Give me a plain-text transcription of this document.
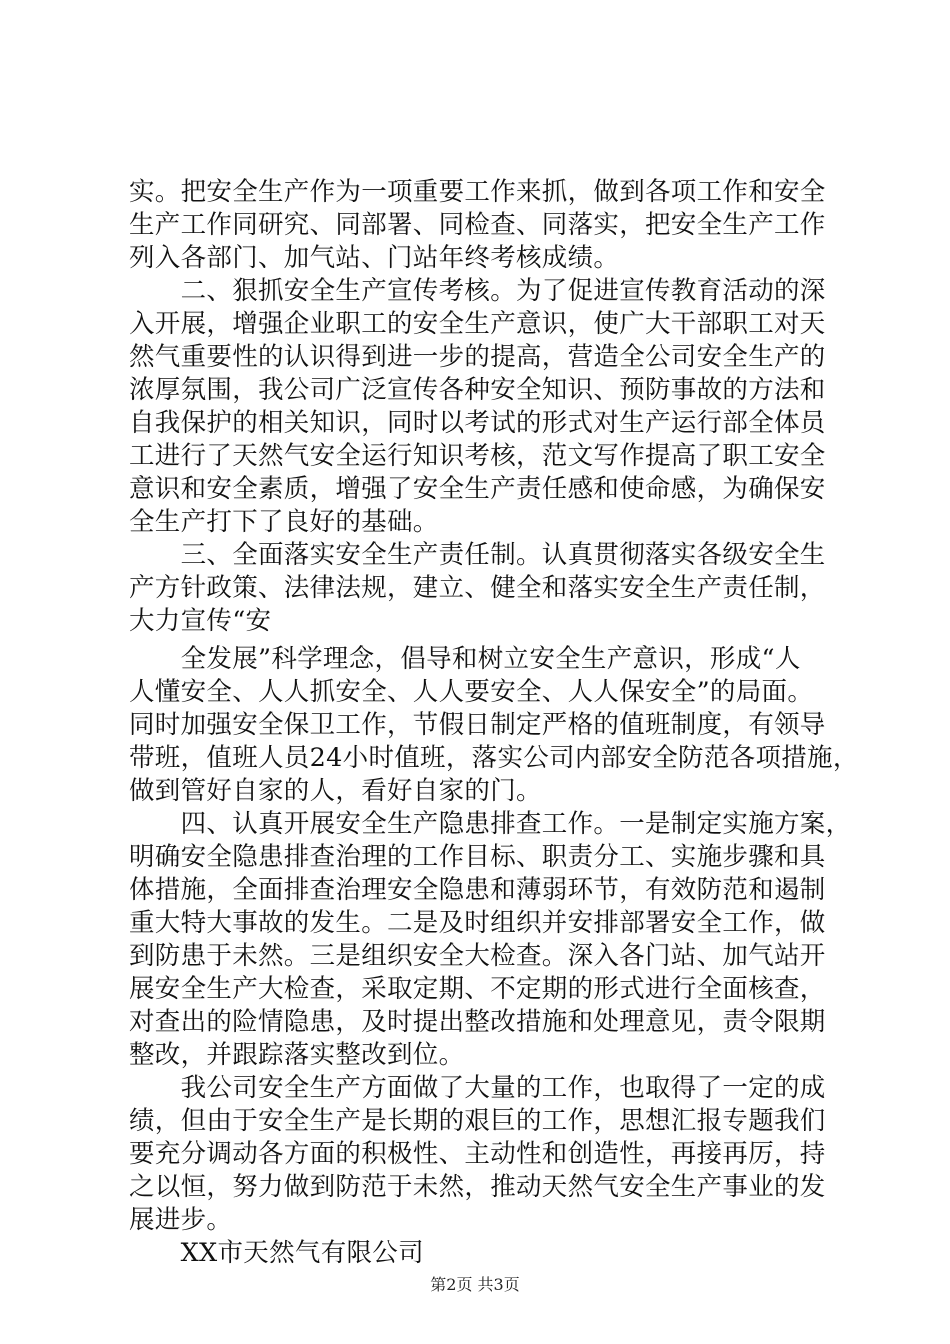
实。把安全生产作为一项重要工作来抓，做到各项工作和安全
生产工作同研究、同部署、同检查、同落实，把安全生产工作
列入各部门、加气站、门站年终考核成绩。
　　二、狠抓安全生产宣传考核。为了促进宣传教育活动的深
入开展，增强企业职工的安全生产意识，使广大干部职工对天
然气重要性的认识得到进一步的提高，营造全公司安全生产的
浓厚氛围，我公司广泛宣传各种安全知识、预防事故的方法和
自我保护的相关知识，同时以考试的形式对生产运行部全体员
工进行了天然气安全运行知识考核，范文写作提高了职工安全
意识和安全素质，增强了安全生产责任感和使命感，为确保安
全生产打下了良好的基础。
　　三、全面落实安全生产责任制。认真贯彻落实各级安全生
产方针政策、法律法规，建立、健全和落实安全生产责任制，
大力宣传“安
　　全发展”科学理念，倡导和树立安全生产意识，形成“人
人懂安全、人人抓安全、人人要安全、人人保安全”的局面。
同时加强安全保卫工作，节假日制定严格的值班制度，有领导
带班，值班人员24小时值班，落实公司内部安全防范各项措施，
做到管好自家的人，看好自家的门。
　　四、认真开展安全生产隐患排查工作。一是制定实施方案，
明确安全隐患排查治理的工作目标、职责分工、实施步骤和具
体措施，全面排查治理安全隐患和薄弱环节，有效防范和遏制
重大特大事故的发生。二是及时组织并安排部署安全工作，做
到防患于未然。三是组织安全大检查。深入各门站、加气站开
展安全生产大检查，采取定期、不定期的形式进行全面核查，
对查出的险情隐患，及时提出整改措施和处理意见，责令限期
整改，并跟踪落实整改到位。
　　我公司安全生产方面做了大量的工作，也取得了一定的成
绩，但由于安全生产是长期的艰巨的工作，思想汇报专题我们
要充分调动各方面的积极性、主动性和创造性，再接再厉，持
之以恒，努力做到防范于未然，推动天然气安全生产事业的发
展进步。
　　XX市天然气有限公司
第2页 共3页
